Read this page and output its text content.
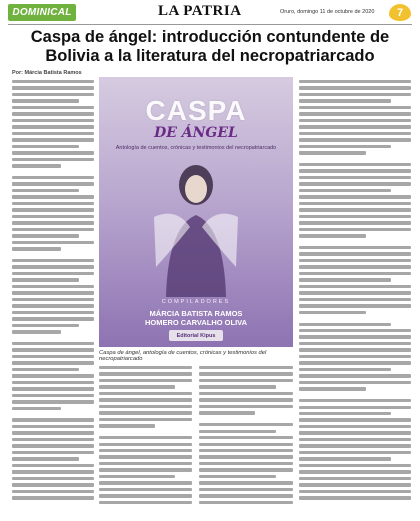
DOMINICAL	LA PATRIA	Oruro, domingo 11 de octubre de 2020	7
Caspa de ángel: introducción contundente de Bolivia a la literatura del necropatriarcado
Por: Márcia Batista Ramos
CASPA
DE ÁNGEL
Antología de cuentos, crónicas y testimonios del necropatriarcado
COMPILADORES
MÁRCIA BATISTA RAMOS
HOMERO CARVALHO OLIVA
Editorial Kipus
Caspa de ángel, antología de cuentos, crónicas y testimonios del necropatriarcado
